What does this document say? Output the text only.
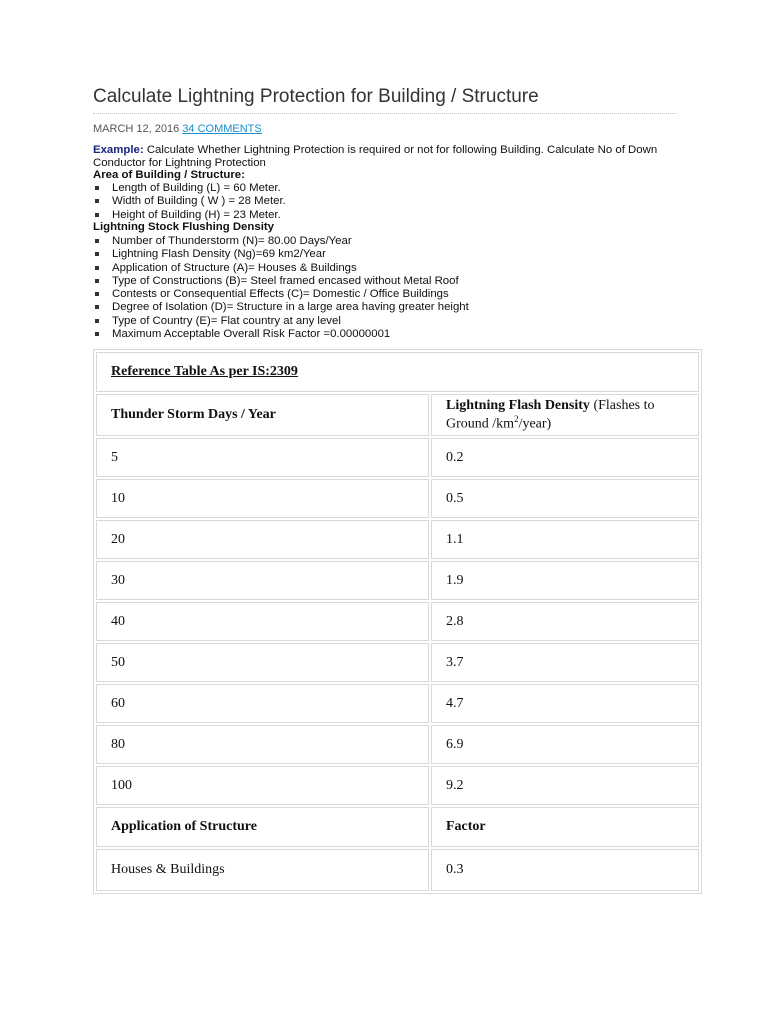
Calculate Lightning Protection for Building / Structure
MARCH 12, 2016 34 COMMENTS
Example: Calculate Whether Lightning Protection is required or not for following Building. Calculate No of Down Conductor for Lightning Protection
Area of Building / Structure:
Length of Building (L) = 60 Meter.
Width of Building ( W ) = 28 Meter.
Height of Building (H) = 23 Meter.
Lightning Stock Flushing Density
Number of Thunderstorm (N)= 80.00 Days/Year
Lightning Flash Density (Ng)=69 km2/Year
Application of Structure (A)= Houses & Buildings
Type of Constructions (B)= Steel framed encased without Metal Roof
Contests or Consequential Effects (C)= Domestic / Office Buildings
Degree of Isolation (D)= Structure in a large area having greater height
Type of Country (E)= Flat country at any level
Maximum Acceptable Overall Risk Factor =0.00000001
Reference Table As per IS:2309	
Thunder Storm Days / Year	Lightning Flash Density (Flashes to Ground $/km^2/year$)
5	0.2
10	0.5
20	1.1
30	1.9
40	2.8
50	3.7
60	4.7
80	6.9
100	9.2
Application of Structure	Factor
Houses & Buildings	0.3
